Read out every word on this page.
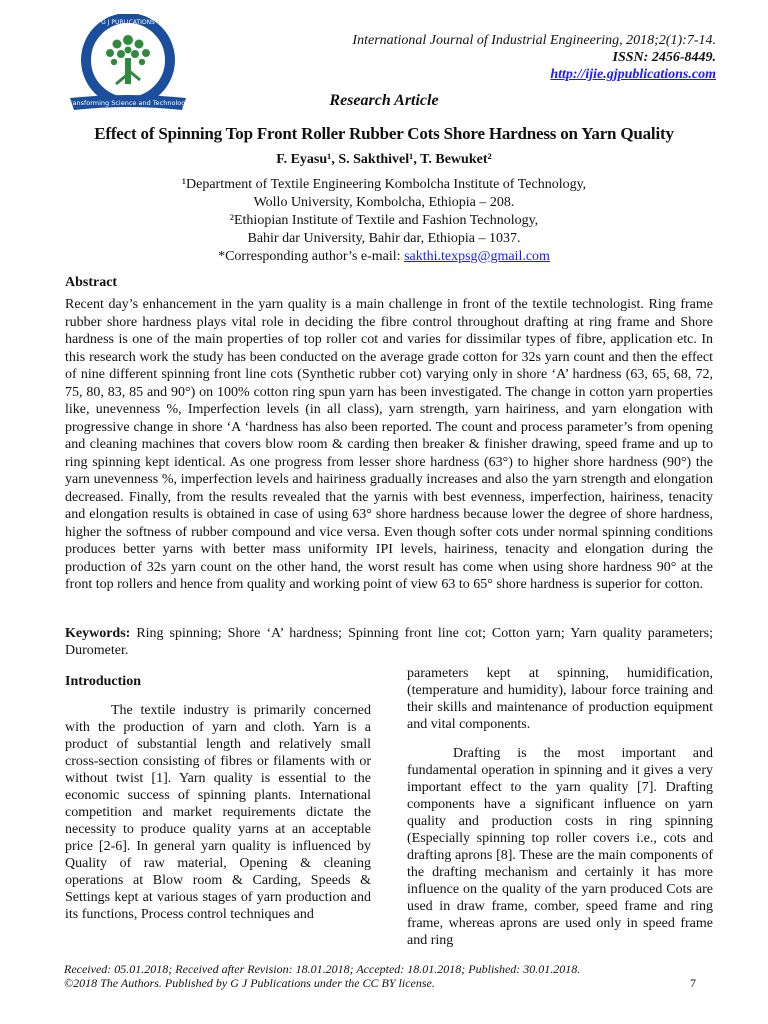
G J PUBLICATIONS
Transforming Science and Technology
International Journal of Industrial Engineering, 2018;2(1):7-14.
ISSN: 2456-8449.
http://ijie.gjpublications.com
Research Article
Effect of Spinning Top Front Roller Rubber Cots Shore Hardness on Yarn Quality
F. Eyasu¹, S. Sakthivel¹, T. Bewuket²
¹Department of Textile Engineering Kombolcha Institute of Technology,
Wollo University, Kombolcha, Ethiopia – 208.
²Ethiopian Institute of Textile and Fashion Technology,
Bahir dar University, Bahir dar, Ethiopia – 1037.
*Corresponding author’s e-mail: sakthi.texpsg@gmail.com
Abstract
Recent day’s enhancement in the yarn quality is a main challenge in front of the textile technologist. Ring frame rubber shore hardness plays vital role in deciding the fibre control throughout drafting at ring frame and Shore hardness is one of the main properties of top roller cot and varies for dissimilar types of fibre, application etc. In this research work the study has been conducted on the average grade cotton for 32s yarn count and then the effect of nine different spinning front line cots (Synthetic rubber cot) varying only in shore ‘A’ hardness (63, 65, 68, 72, 75, 80, 83, 85 and 90°) on 100% cotton ring spun yarn has been investigated. The change in cotton yarn properties like, unevenness %, Imperfection levels (in all class), yarn strength, yarn hairiness, and yarn elongation with progressive change in shore ‘A ‘hardness has also been reported. The count and process parameter’s from opening and cleaning machines that covers blow room & carding then breaker & finisher drawing, speed frame and up to ring spinning kept identical. As one progress from lesser shore hardness (63°) to higher shore hardness (90°) the yarn unevenness %, imperfection levels and hairiness gradually increases and also the yarn strength and elongation decreased. Finally, from the results revealed that the yarnis with best evenness, imperfection, hairiness, tenacity and elongation results is obtained in case of using 63° shore hardness because lower the degree of shore hardness, higher the softness of rubber compound and vice versa. Even though softer cots under normal spinning conditions produces better yarns with better mass uniformity IPI levels, hairiness, tenacity and elongation during the production of 32s yarn count on the other hand, the worst result has come when using shore hardness 90° at the front top rollers and hence from quality and working point of view 63 to 65° shore hardness is superior for cotton.
Keywords: Ring spinning; Shore ‘A’ hardness; Spinning front line cot; Cotton yarn; Yarn quality parameters; Durometer.
Introduction

The textile industry is primarily concerned with the production of yarn and cloth. Yarn is a product of substantial length and relatively small cross-section consisting of fibres or filaments with or without twist [1]. Yarn quality is essential to the economic success of spinning plants. International competition and market requirements dictate the necessity to produce quality yarns at an acceptable price [2-6]. In general yarn quality is influenced by Quality of raw material, Opening & cleaning operations at Blow room & Carding, Speeds & Settings kept at various stages of yarn production and its functions, Process control techniques and

parameters kept at spinning, humidification, (temperature and humidity), labour force training and their skills and maintenance of production equipment and vital components.

Drafting is the most important and fundamental operation in spinning and it gives a very important effect to the yarn quality [7]. Drafting components have a significant influence on yarn quality and production costs in ring spinning (Especially spinning top roller covers i.e., cots and drafting aprons [8]. These are the main components of the drafting mechanism and certainly it has more influence on the quality of the yarn produced Cots are used in draw frame, comber, speed frame and ring frame, whereas aprons are used only in speed frame and ring

Received: 05.01.2018; Received after Revision: 18.01.2018; Accepted: 18.01.2018; Published: 30.01.2018.
©2018 The Authors. Published by G J Publications under the CC BY license.	7
